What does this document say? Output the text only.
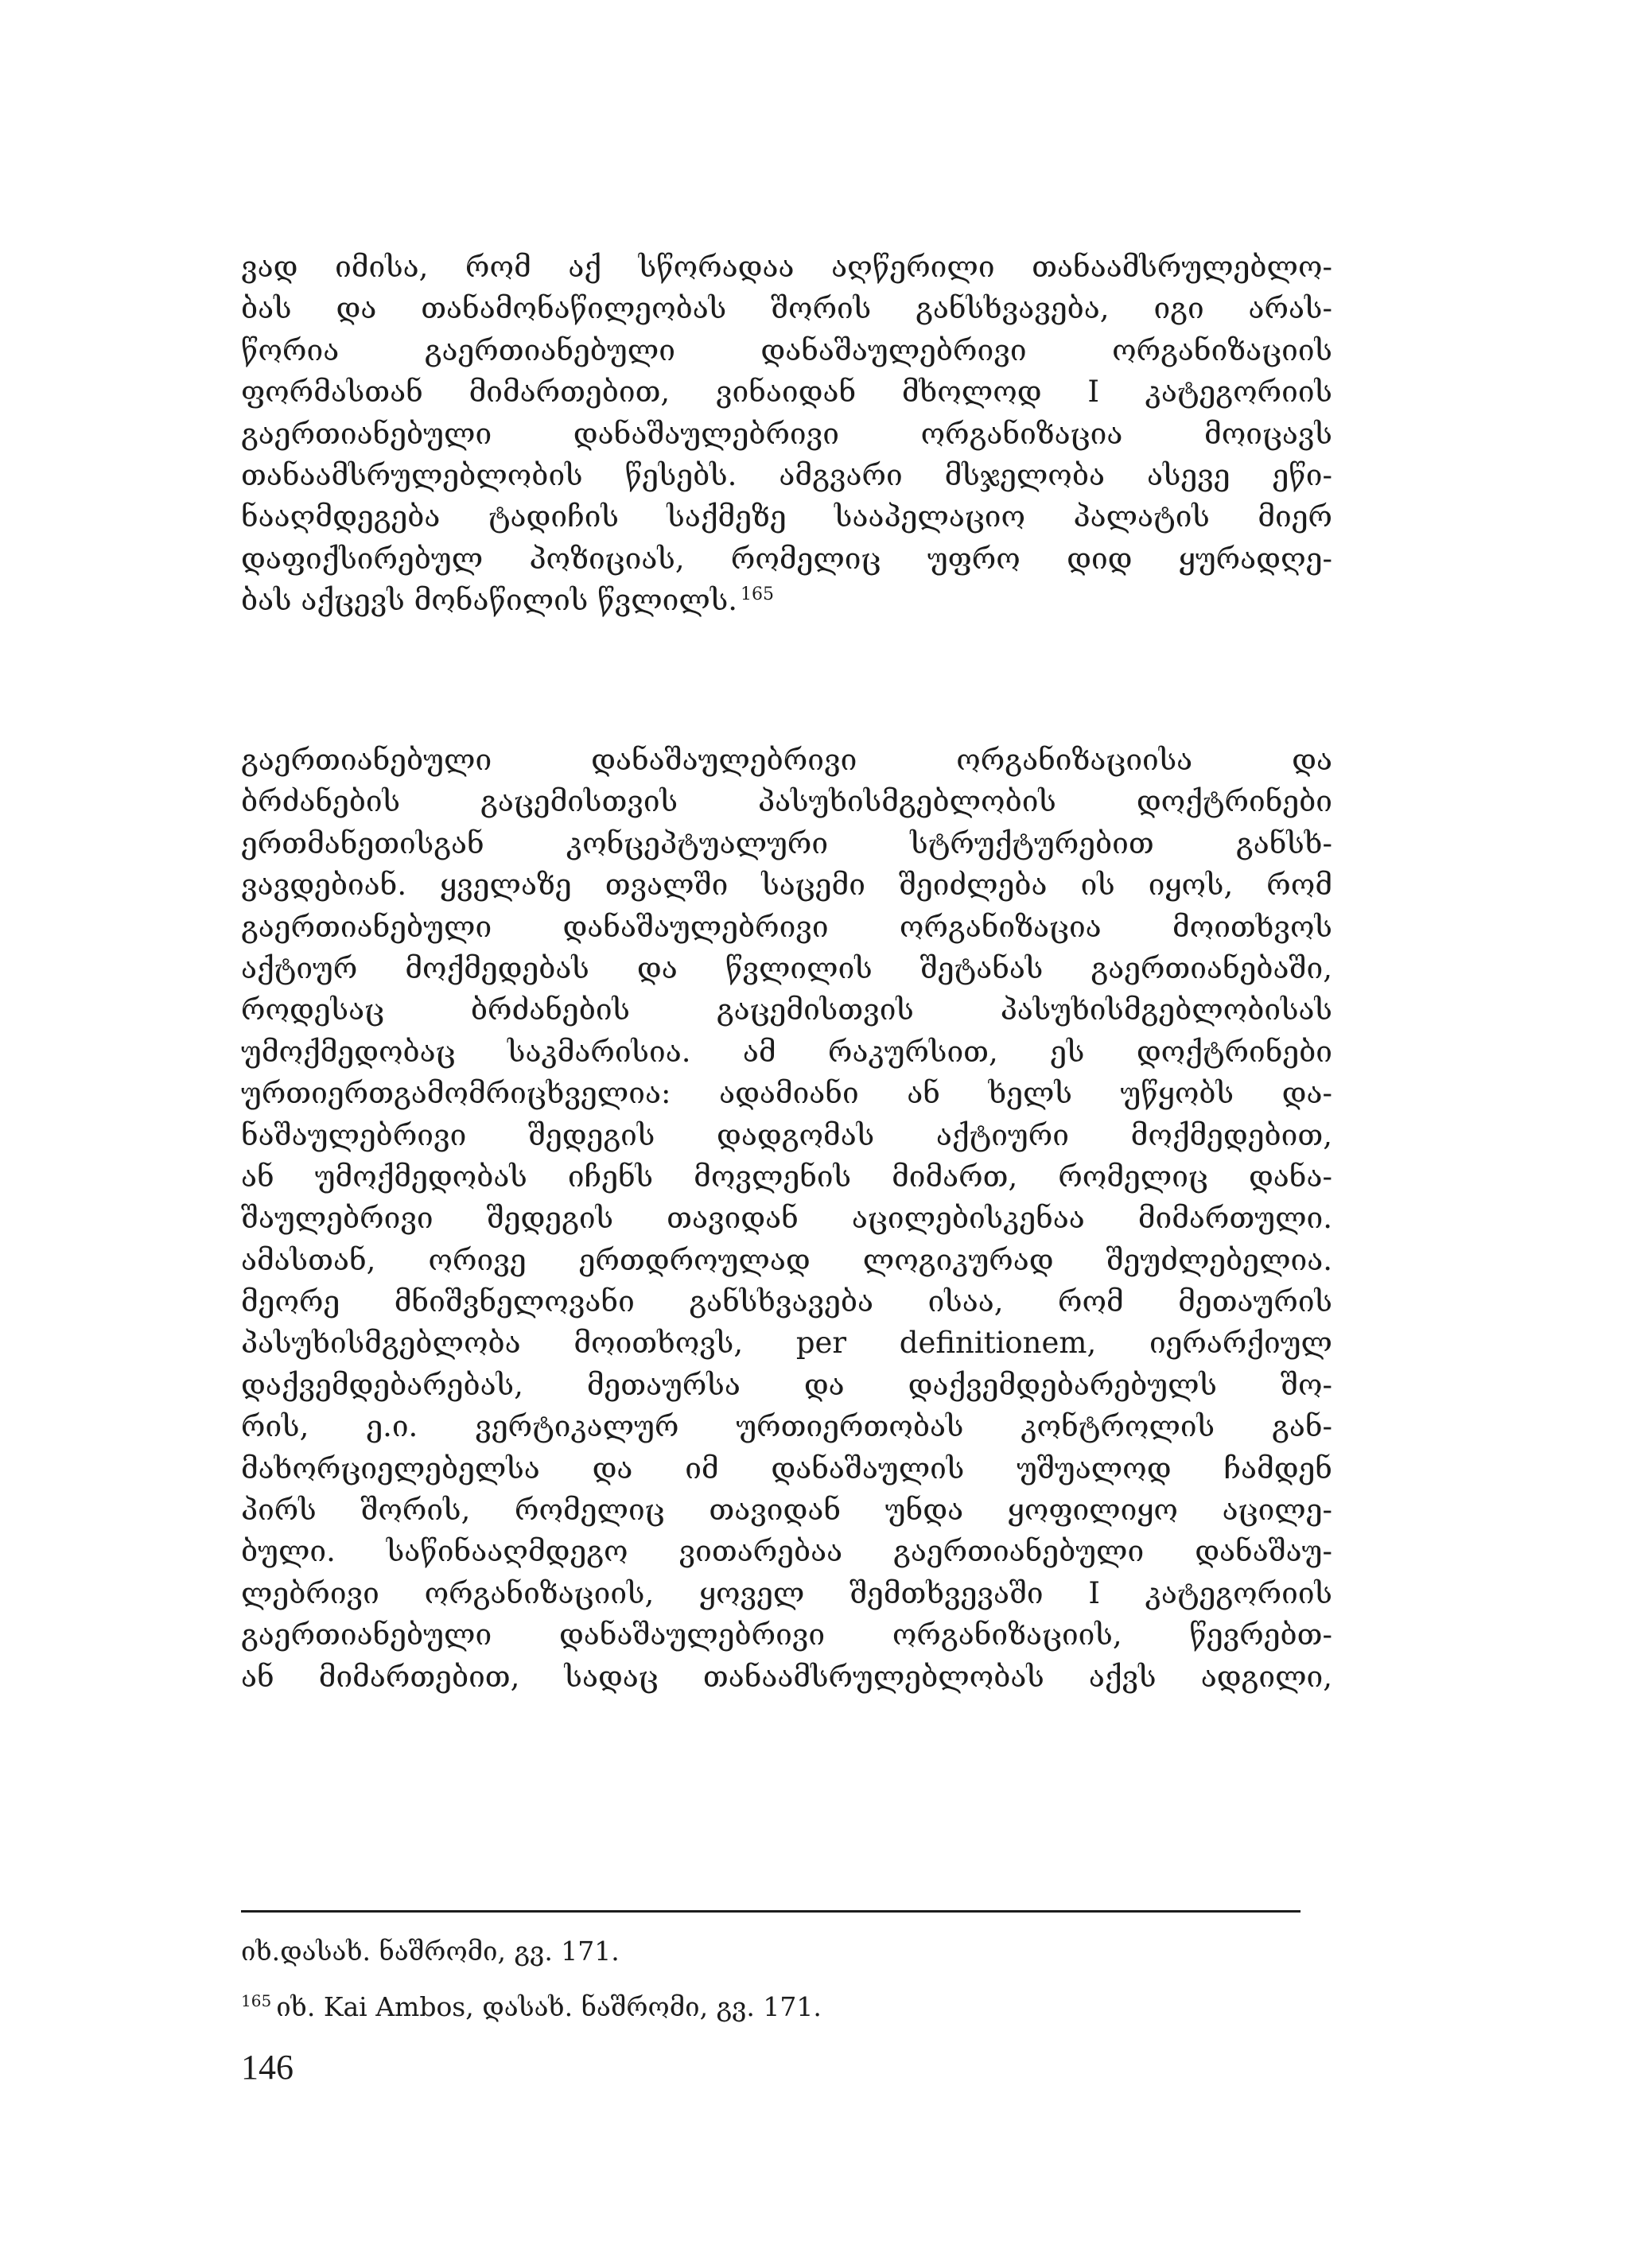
ვად იმისა, რომ აქ სწორადაა აღწერილი თანაამსრულებლო-
ბას და თანამონაწილეობას შორის განსხვავება, იგი არას-
წორია გაერთიანებული დანაშაულებრივი ორგანიზაციის
ფორმასთან მიმართებით, ვინაიდან მხოლოდ I კატეგორიის
გაერთიანებული დანაშაულებრივი ორგანიზაცია მოიცავს
თანაამსრულებლობის წესებს. ამგვარი მსჯელობა ასევე ეწი-
ნააღმდეგება ტადიჩის საქმეზე სააპელაციო პალატის მიერ
დაფიქსირებულ პოზიციას, რომელიც უფრო დიდ ყურადღე-
ბას აქცევს მონაწილის წვლილს. $^{165}$
გაერთიანებული დანაშაულებრივი ორგანიზაციისა და
ბრძანების გაცემისთვის პასუხისმგებლობის დოქტრინები
ერთმანეთისგან კონცეპტუალური სტრუქტურებით განსხ-
ვავდებიან. ყველაზე თვალში საცემი შეიძლება ის იყოს, რომ
გაერთიანებული დანაშაულებრივი ორგანიზაცია მოითხვოს
აქტიურ მოქმედებას და წვლილის შეტანას გაერთიანებაში,
როდესაც ბრძანების გაცემისთვის პასუხისმგებლობისას
უმოქმედობაც საკმარისია. ამ რაკურსით, ეს დოქტრინები
ურთიერთგამომრიცხველია: ადამიანი ან ხელს უწყობს და-
ნაშაულებრივი შედეგის დადგომას აქტიური მოქმედებით,
ან უმოქმედობას იჩენს მოვლენის მიმართ, რომელიც დანა-
შაულებრივი შედეგის თავიდან აცილებისკენაა მიმართული.
ამასთან, ორივე ერთდროულად ლოგიკურად შეუძლებელია.
მეორე მნიშვნელოვანი განსხვავება ისაა, რომ მეთაურის
პასუხისმგებლობა მოითხოვს, per definitionem, იერარქიულ
დაქვემდებარებას, მეთაურსა და დაქვემდებარებულს შო-
რის, ე.ი. ვერტიკალურ ურთიერთობას კონტროლის გან-
მახორციელებელსა და იმ დანაშაულის უშუალოდ ჩამდენ
პირს შორის, რომელიც თავიდან უნდა ყოფილიყო აცილე-
ბული. საწინააღმდეგო ვითარებაა გაერთიანებული დანაშაუ-
ლებრივი ორგანიზაციის, ყოველ შემთხვევაში I კატეგორიის
გაერთიანებული დანაშაულებრივი ორგანიზაციის, წევრებთ-
ან მიმართებით, სადაც თანაამსრულებლობას აქვს ადგილი,
იხ.დასახ. ნაშრომი, გვ. 171.
$^{165}$ იხ. Kai Ambos, დასახ. ნაშრომი, გვ. 171.
146
